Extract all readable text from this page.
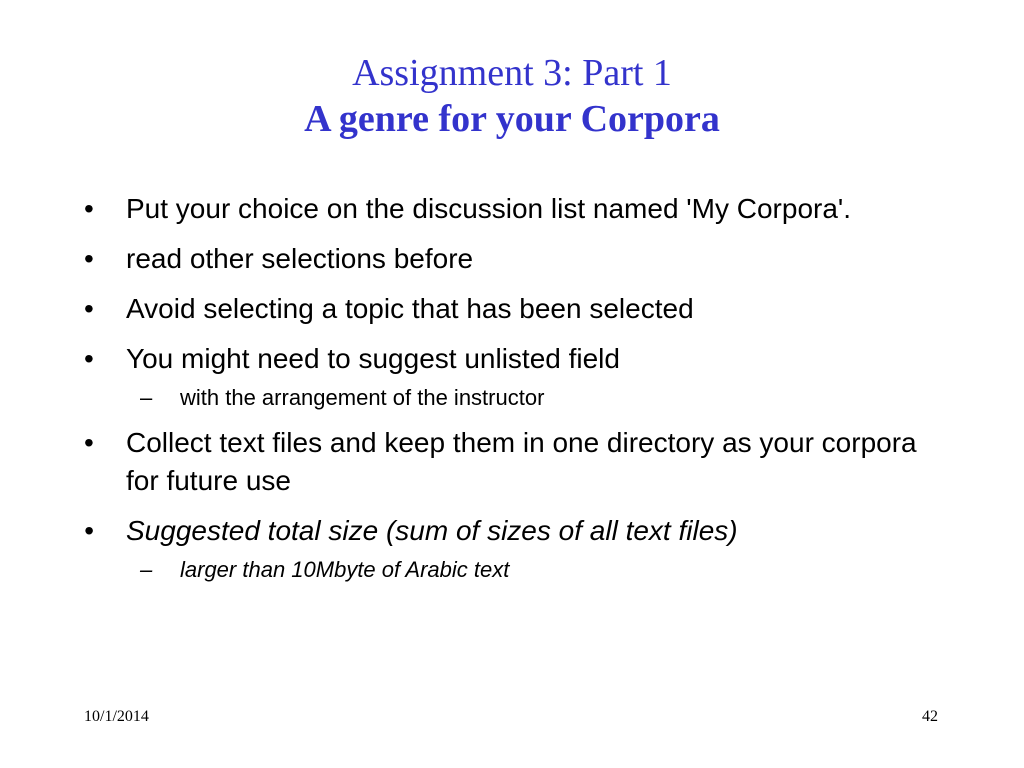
Assignment 3: Part 1
A genre for your Corpora
• Put your choice on the discussion list named 'My Corpora'.
• read other selections before
• Avoid selecting a topic that has been selected
• You might need to suggest unlisted field
– with the arrangement of the instructor
• Collect text files and keep them in one directory as your corpora for future use
• Suggested total size (sum of sizes of all text files)
– larger than 10Mbyte of Arabic text
10/1/2014	42
